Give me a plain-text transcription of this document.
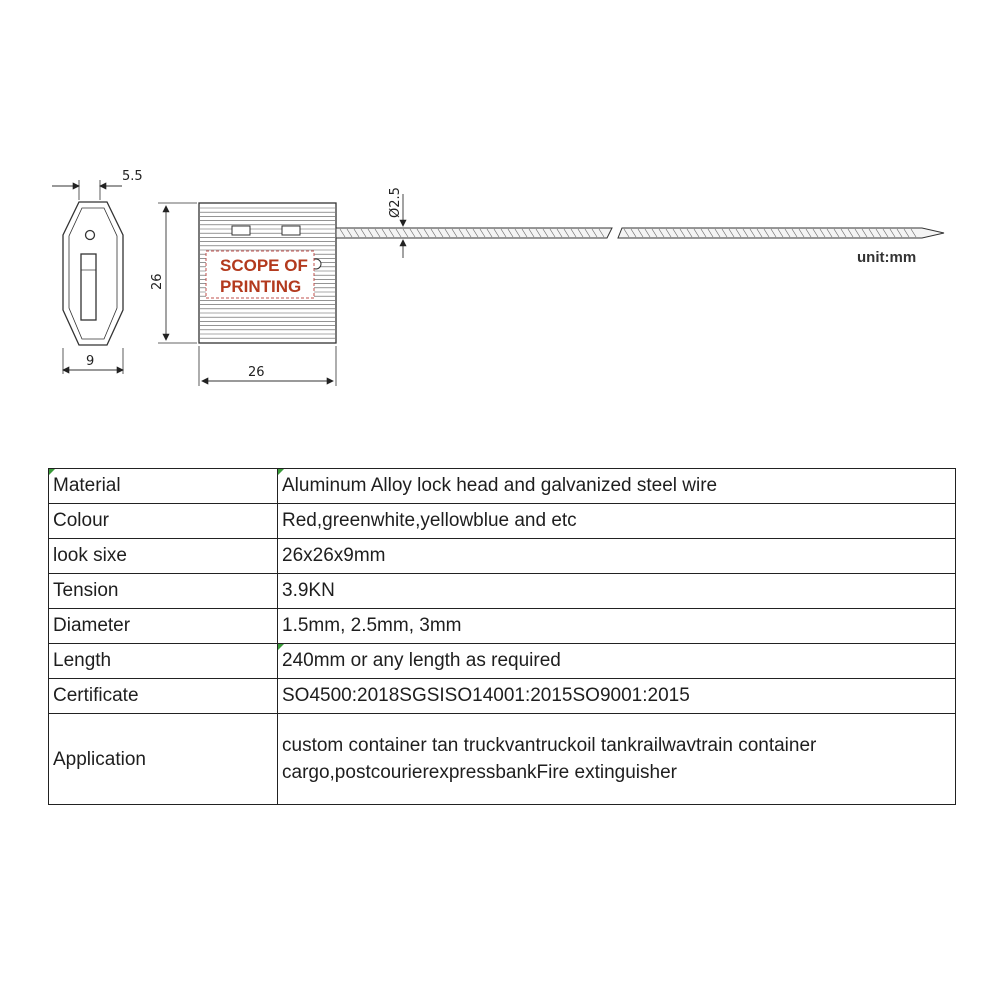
5.5
9
SCOPE OF
PRINTING
26
26
Ø2.5
unit:mm
Material	Aluminum Alloy lock head and galvanized steel wire
Colour	Red,greenwhite,yellowblue and etc
look sixe	26x26x9mm
Tension	3.9KN
Diameter	1.5mm, 2.5mm, 3mm
Length	240mm or any length as required
Certificate	SO4500:2018SGSISO14001:2015SO9001:2015
Application	custom container tan truckvantruckoil tankrailwavtrain container cargo,postcourierexpressbankFire extinguisher
